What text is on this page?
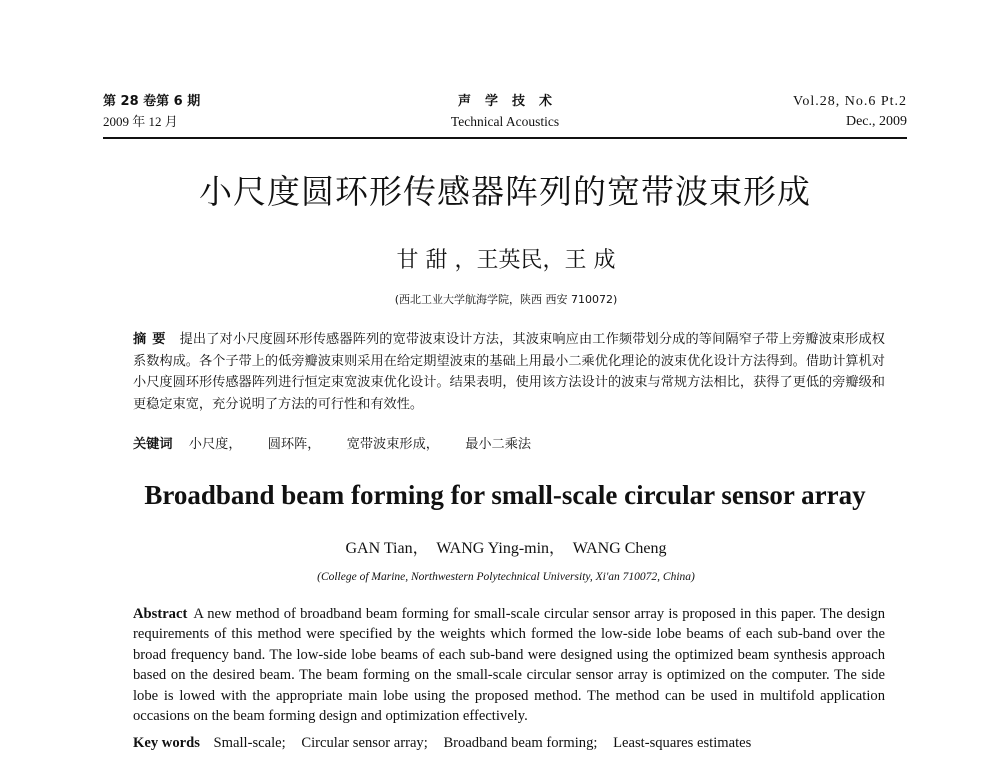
第 28 卷第 6 期
2009 年 12 月
声学技术
Technical Acoustics
Vol.28, No.6 Pt.2
Dec., 2009
小尺度圆环形传感器阵列的宽带波束形成
甘 甜 ，王英民，王 成
(西北工业大学航海学院，陕西 西安 710072)
摘要 提出了对小尺度圆环形传感器阵列的宽带波束设计方法，其波束响应由工作频带划分成的等间隔窄子带上旁瓣波束形成权系数构成。各个子带上的低旁瓣波束则采用在给定期望波束的基础上用最小二乘优化理论的波束优化设计方法得到。借助计算机对小尺度圆环形传感器阵列进行恒定束宽波束优化设计。结果表明，使用该方法设计的波束与常规方法相比，获得了更低的旁瓣级和更稳定束宽，充分说明了方法的可行性和有效性。
关键词 小尺度， 圆环阵， 宽带波束形成， 最小二乘法
Broadband beam forming for small-scale circular sensor array
GAN Tian，  WANG Ying-min，  WANG Cheng
(College of Marine, Northwestern Polytechnical University, Xi'an 710072, China)
Abstract A new method of broadband beam forming for small-scale circular sensor array is proposed in this paper. The design requirements of this method were specified by the weights which formed the low-side lobe beams of each sub-band over the broad frequency band. The low-side lobe beams of each sub-band were designed using the optimized beam synthesis approach based on the desired beam. The beam forming on the small-scale circular sensor array is optimized on the computer. The side lobe is lowed with the appropriate main lobe using the proposed method. The method can be used in multifold application occasions on the beam forming design and optimization effectively.
Key words Small-scale; Circular sensor array; Broadband beam forming; Least-squares estimates
